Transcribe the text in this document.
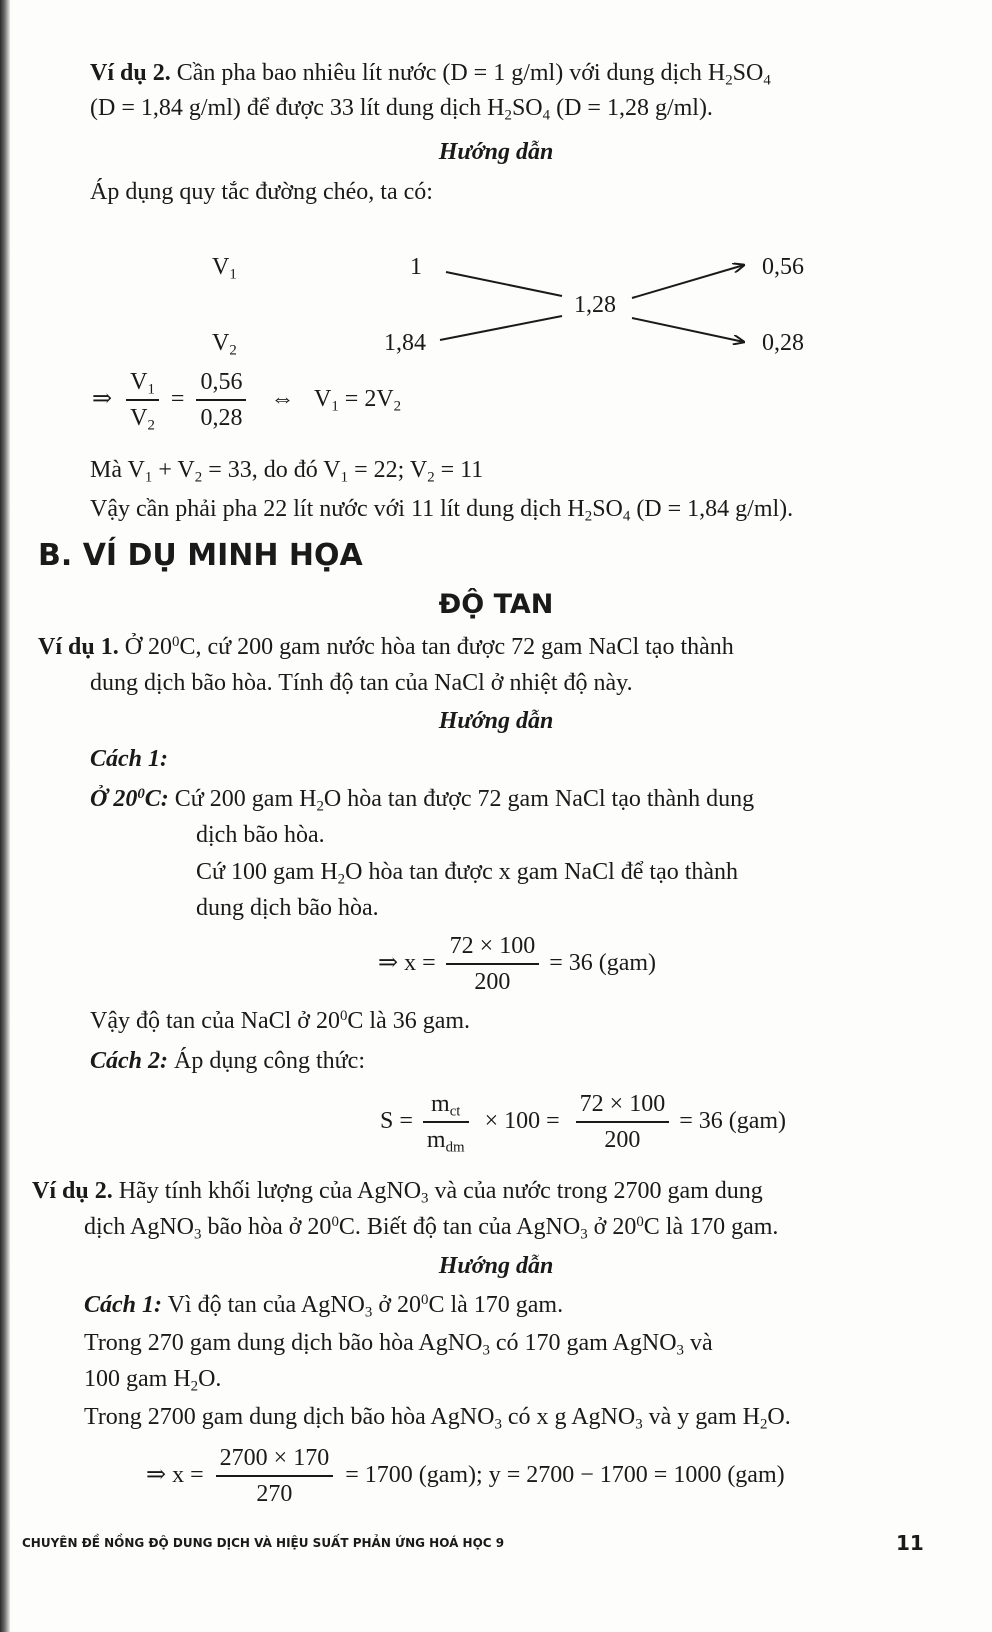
Ví dụ 2. Cần pha bao nhiêu lít nước (D = 1 g/ml) với dung dịch $H_2SO_4$
(D = 1,84 g/ml) để được 33 lít dung dịch $H_2SO_4$ (D = 1,28 g/ml).
Hướng dẫn
Áp dụng quy tắc đường chéo, ta có:
$V_1$
$V_2$
1
1,84
1,28
0,56
0,28
⇒ $\frac{V_1}{V_2} = \frac{0,56}{0,28}$ ⇔ $V_1 = 2V_2$
Mà $V_1 + V_2 = 33$, do đó $V_1 = 22$; $V_2 = 11$
Vậy cần phải pha 22 lít nước với 11 lít dung dịch $H_2SO_4$ (D = 1,84 g/ml).
B. VÍ DỤ MINH HỌA
ĐỘ TAN
Ví dụ 1. Ở $20^0C$, cứ 200 gam nước hòa tan được 72 gam NaCl tạo thành
dung dịch bão hòa. Tính độ tan của NaCl ở nhiệt độ này.
Hướng dẫn
Cách 1:
Ở $20^0C$: Cứ 200 gam $H_2O$ hòa tan được 72 gam NaCl tạo thành dung
dịch bão hòa.
Cứ 100 gam $H_2O$ hòa tan được x gam NaCl để tạo thành
dung dịch bão hòa.
⇒ $x = \frac{72 \times 100}{200} = 36$ (gam)
Vậy độ tan của NaCl ở $20^0C$ là 36 gam.
Cách 2: Áp dụng công thức:
$S = \frac{m_{ct}}{m_{dm}} \times 100 = \frac{72 \times 100}{200} = 36$ (gam)
Ví dụ 2. Hãy tính khối lượng của AgNO$_3$ và của nước trong 2700 gam dung
dịch AgNO$_3$ bão hòa ở $20^0C$. Biết độ tan của AgNO$_3$ ở $20^0C$ là 170 gam.
Hướng dẫn
Cách 1: Vì độ tan của AgNO$_3$ ở $20^0C$ là 170 gam.
Trong 270 gam dung dịch bão hòa AgNO$_3$ có 170 gam AgNO$_3$ và
100 gam $H_2O$.
Trong 2700 gam dung dịch bão hòa AgNO$_3$ có x g AgNO$_3$ và y gam $H_2O$.
⇒ $x = \frac{2700 \times 170}{270} = 1700$ (gam); y = 2700 − 1700 = 1000 (gam)
CHUYÊN ĐỀ NỒNG ĐỘ DUNG DỊCH VÀ HIỆU SUẤT PHẢN ỨNG HOÁ HỌC 9	11
